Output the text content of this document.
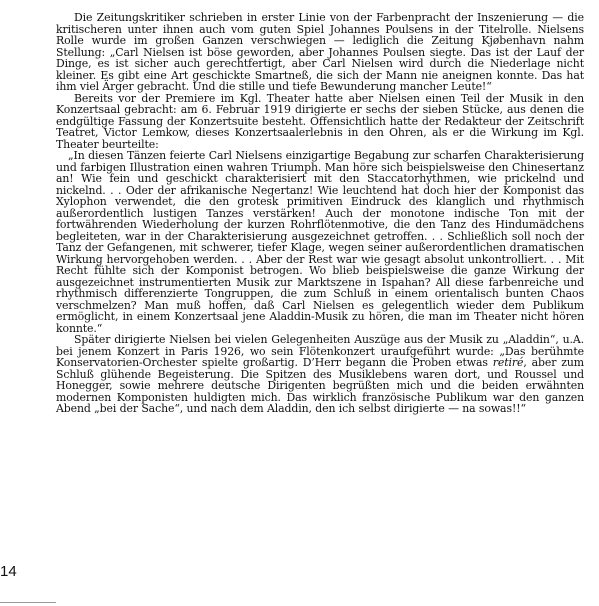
Die Zeitungskritiker schrieben in erster Linie von der Farbenpracht der Inszenierung — die kritischeren unter ihnen auch vom guten Spiel Johannes Poulsens in der Titelrolle. Nielsens Rolle wurde im großen Ganzen verschwiegen — lediglich die Zeitung Kjøbenhavn nahm Stellung: „Carl Nielsen ist böse geworden, aber Johannes Poulsen siegte. Das ist der Lauf der Dinge, es ist sicher auch gerechtfertigt, aber Carl Nielsen wird durch die Niederlage nicht kleiner. Es gibt eine Art geschickte Smartneß, die sich der Mann nie aneignen konnte. Das hat ihm viel Ärger gebracht. Und die stille und tiefe Bewunderung mancher Leute!“

Bereits vor der Premiere im Kgl. Theater hatte aber Nielsen einen Teil der Musik in den Konzertsaal gebracht: am 6. Februar 1919 dirigierte er sechs der sieben Stücke, aus denen die endgültige Fassung der Konzertsuite besteht. Offensichtlich hatte der Redakteur der Zeitschrift Teatret, Victor Lemkow, dieses Konzertsaalerlebnis in den Ohren, als er die Wirkung im Kgl. Theater beurteilte:

„In diesen Tänzen feierte Carl Nielsens einzigartige Begabung zur scharfen Charakterisierung und farbigen Illustration einen wahren Triumph. Man höre sich beispielsweise den Chinesertanz an! Wie fein und geschickt charakterisiert mit den Staccatorhythmen, wie prickelnd und nickelnd. . . Oder der afrikanische Negertanz! Wie leuchtend hat doch hier der Komponist das Xylophon verwendet, die den grotesk primitiven Eindruck des klanglich und rhythmisch außerordentlich lustigen Tanzes verstärken! Auch der monotone indische Ton mit der fortwährenden Wiederholung der kurzen Rohrflötenmotive, die den Tanz des Hindumädchens begleiteten, war in der Charakterisierung ausgezeichnet getroffen. . . Schließlich soll noch der Tanz der Gefangenen, mit schwerer, tiefer Klage, wegen seiner außerordentlichen dramatischen Wirkung hervorgehoben werden. . . Aber der Rest war wie gesagt absolut unkontrolliert. . . Mit Recht fühlte sich der Komponist betrogen. Wo blieb beispielsweise die ganze Wirkung der ausgezeichnet instrumentierten Musik zur Marktszene in Ispahan? All diese farbenreiche und rhythmisch differenzierte Tongruppen, die zum Schluß in einem orientalisch bunten Chaos verschmelzen? Man muß hoffen, daß Carl Nielsen es gelegentlich wieder dem Publikum ermöglicht, in einem Konzertsaal jene Aladdin-Musik zu hören, die man im Theater nicht hören konnte.“

Später dirigierte Nielsen bei vielen Gelegenheiten Auszüge aus der Musik zu „Aladdin“, u.A. bei jenem Konzert in Paris 1926, wo sein Flötenkonzert uraufgeführt wurde: „Das berühmte Konservatorien-Orchester spielte großartig. D’Herr begann die Proben etwas retiré, aber zum Schluß glühende Begeisterung. Die Spitzen des Musiklebens waren dort, und Roussel und Honegger, sowie mehrere deutsche Dirigenten begrüßten mich und die beiden erwähnten modernen Komponisten huldigten mich. Das wirklich französische Publikum war den ganzen Abend „bei der Sache“, und nach dem Aladdin, den ich selbst dirigierte — na sowas!!“

14
